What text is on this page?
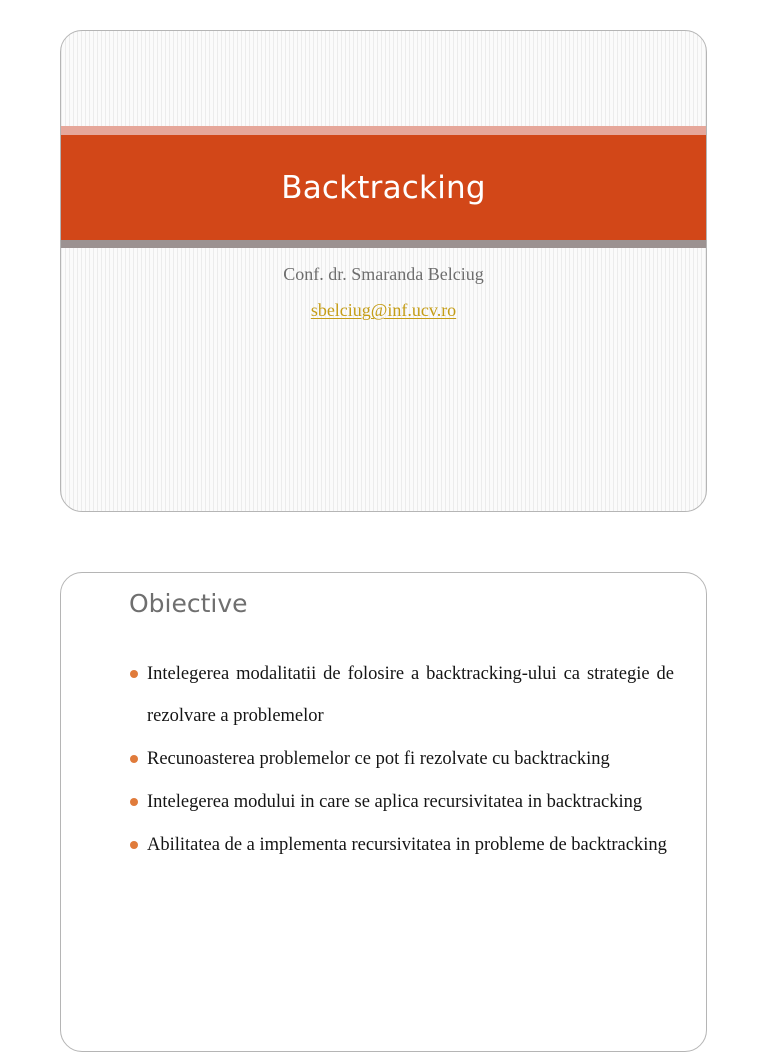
Backtracking
Conf. dr. Smaranda Belciug
sbelciug@inf.ucv.ro
Obiective
Intelegerea modalitatii de folosire a backtracking-ului ca strategie de rezolvare a problemelor
Recunoasterea problemelor ce pot fi rezolvate cu backtracking
Intelegerea modului in care se aplica recursivitatea in backtracking
Abilitatea de a implementa recursivitatea in probleme de backtracking
